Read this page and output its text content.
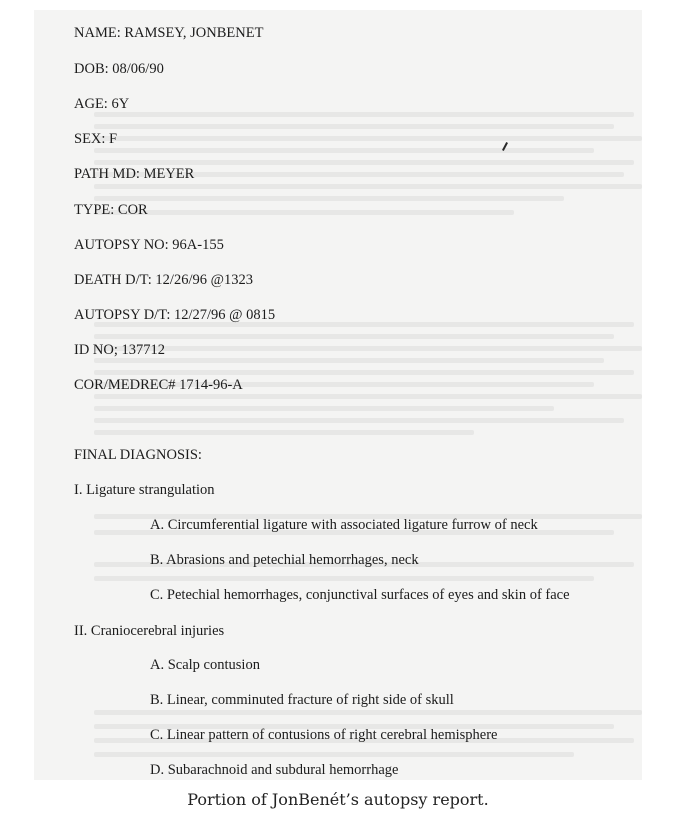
NAME: RAMSEY, JONBENET
DOB: 08/06/90
AGE: 6Y
SEX: F
PATH MD: MEYER
TYPE: COR
AUTOPSY NO: 96A-155
DEATH D/T: 12/26/96 @1323
AUTOPSY D/T: 12/27/96 @ 0815
ID NO; 137712
COR/MEDREC# 1714-96-A
FINAL DIAGNOSIS:
I. Ligature strangulation
A. Circumferential ligature with associated ligature furrow of neck
B. Abrasions and petechial hemorrhages, neck
C. Petechial hemorrhages, conjunctival surfaces of eyes and skin of face
II. Craniocerebral injuries
A. Scalp contusion
B. Linear, comminuted fracture of right side of skull
C. Linear pattern of contusions of right cerebral hemisphere
D. Subarachnoid and subdural hemorrhage
Portion of JonBenét’s autopsy report.
